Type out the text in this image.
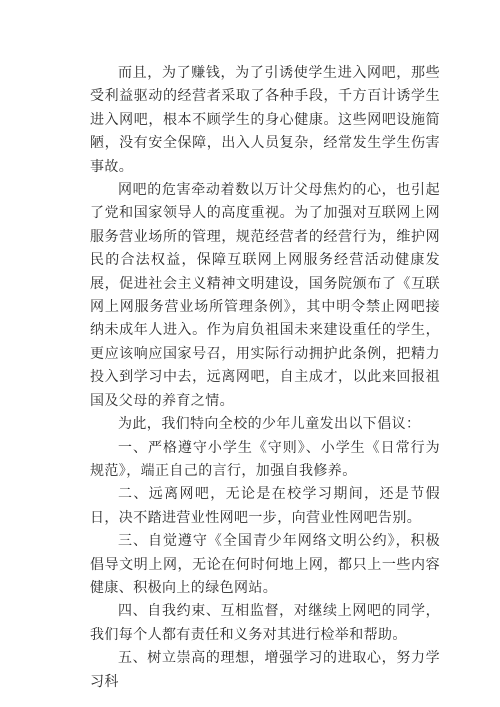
而且，为了赚钱，为了引诱使学生进入网吧，那些受利益驱动的经营者采取了各种手段，千方百计诱学生进入网吧，根本不顾学生的身心健康。这些网吧设施简陋，没有安全保障，出入人员复杂，经常发生学生伤害事故。

网吧的危害牵动着数以万计父母焦灼的心，也引起了党和国家领导人的高度重视。为了加强对互联网上网服务营业场所的管理，规范经营者的经营行为，维护网民的合法权益，保障互联网上网服务经营活动健康发展，促进社会主义精神文明建设，国务院颁布了《互联网上网服务营业场所管理条例》，其中明令禁止网吧接纳未成年人进入。作为肩负祖国未来建设重任的学生，更应该响应国家号召，用实际行动拥护此条例，把精力投入到学习中去，远离网吧，自主成才，以此来回报祖国及父母的养育之情。

为此，我们特向全校的少年儿童发出以下倡议：

一、严格遵守小学生《守则》、小学生《日常行为规范》，端正自己的言行，加强自我修养。

二、远离网吧，无论是在校学习期间，还是节假日，决不踏进营业性网吧一步，向营业性网吧告别。

三、自觉遵守《全国青少年网络文明公约》，积极倡导文明上网，无论在何时何地上网，都只上一些内容健康、积极向上的绿色网站。

四、自我约束、互相监督，对继续上网吧的同学，我们每个人都有责任和义务对其进行检举和帮助。

五、树立崇高的理想，增强学习的进取心，努力学习科
